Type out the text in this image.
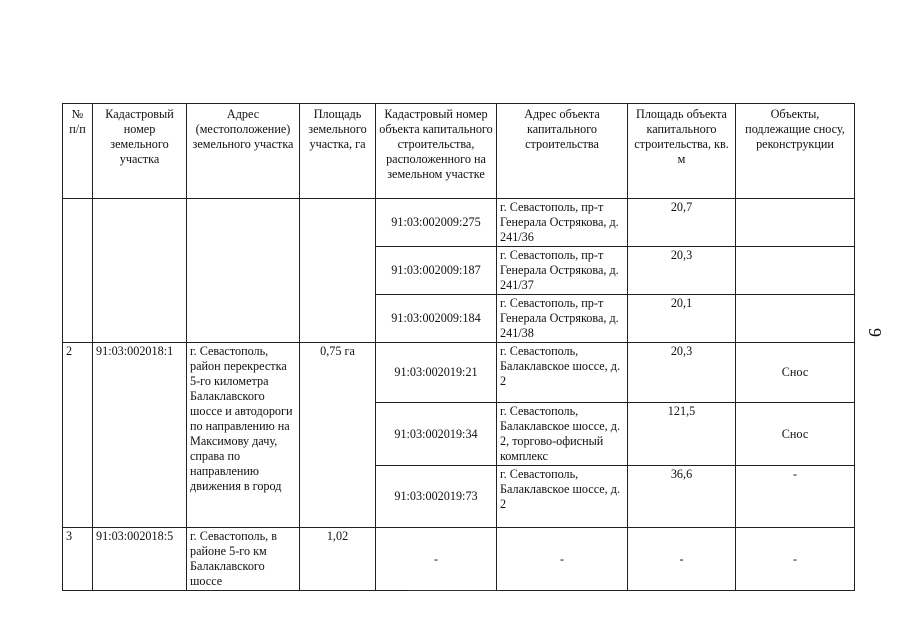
№ п/п	Кадастровый номер земельного участка	Адрес (местоположение) земельного участка	Площадь земельного участка, га	Кадастровый номер объекта капитального строительства, расположенного на земельном участке	Адрес объекта капитального строительства	Площадь объекта капитального строительства, кв. м	Объекты, подлежащие сносу, реконструкции
				91:03:002009:275	г. Севастополь, пр-т Генерала Острякова, д. 241/36	20,7	
				91:03:002009:187	г. Севастополь, пр-т Генерала Острякова, д. 241/37	20,3	
				91:03:002009:184	г. Севастополь, пр-т Генерала Острякова, д. 241/38	20,1	
2	91:03:002018:1	г. Севастополь, район перекрестка 5-го километра Балаклавского шоссе и автодороги по направлению на Максимову дачу, справа по направлению движения в город	0,75 га	91:03:002019:21	г. Севастополь, Балаклавское шоссе, д. 2	20,3	Снос
				91:03:002019:34	г. Севастополь, Балаклавское шоссе, д. 2, торгово-офисный комплекс	121,5	Снос
				91:03:002019:73	г. Севастополь, Балаклавское шоссе, д. 2	36,6	-
3	91:03:002018:5	г. Севастополь, в районе 5-го км Балаклавского шоссе	1,02	-	-	-	-
9
